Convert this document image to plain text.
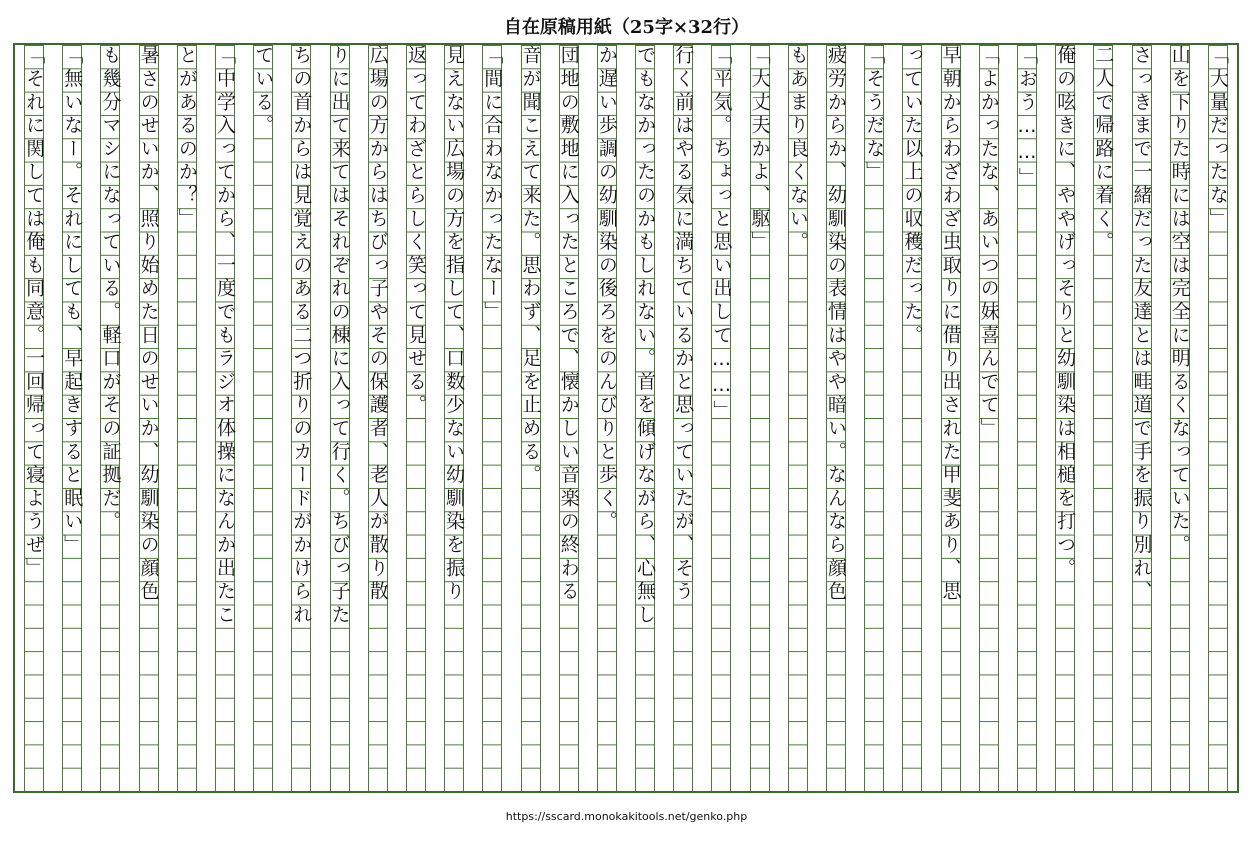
自在原稿用紙（25字×32行）
「大量だったな」
山を下りた時には空は完全に明るくなっていた。
さっきまで一緒だった友達とは畦道で手を振り別れ、
二人で帰路に着く。
俺の呟きに、ややげっそりと幼馴染は相槌を打つ。
「おう……」
「よかったな、あいつの妹喜んでて」
早朝からわざわざ虫取りに借り出された甲斐あり、思
っていた以上の収穫だった。
「そうだな」
疲労からか、幼馴染の表情はやや暗い。なんなら顔色
もあまり良くない。
「大丈夫かよ、駆」
「平気。ちょっと思い出して……」
行く前はやる気に満ちているかと思っていたが、そう
でもなかったのかもしれない。首を傾げながら、心無し
か遅い歩調の幼馴染の後ろをのんびりと歩く。
団地の敷地に入ったところで、懐かしい音楽の終わる
音が聞こえて来た。思わず、足を止める。
「間に合わなかったなー」
見えない広場の方を指して、口数少ない幼馴染を振り
返ってわざとらしく笑って見せる。
広場の方からはちびっ子やその保護者、老人が散り散
りに出て来てはそれぞれの棟に入って行く。ちびっ子た
ちの首からは見覚えのある二つ折りのカードがかけられ
ている。
「中学入ってから、一度でもラジオ体操になんか出たこ
とがあるのか？」
暑さのせいか、照り始めた日のせいか、幼馴染の顔色
も幾分マシになっている。軽口がその証拠だ。
「無いなー。それにしても、早起きすると眠い」
「それに関しては俺も同意。一回帰って寝ようぜ」
https://sscard.monokakitools.net/genko.php
